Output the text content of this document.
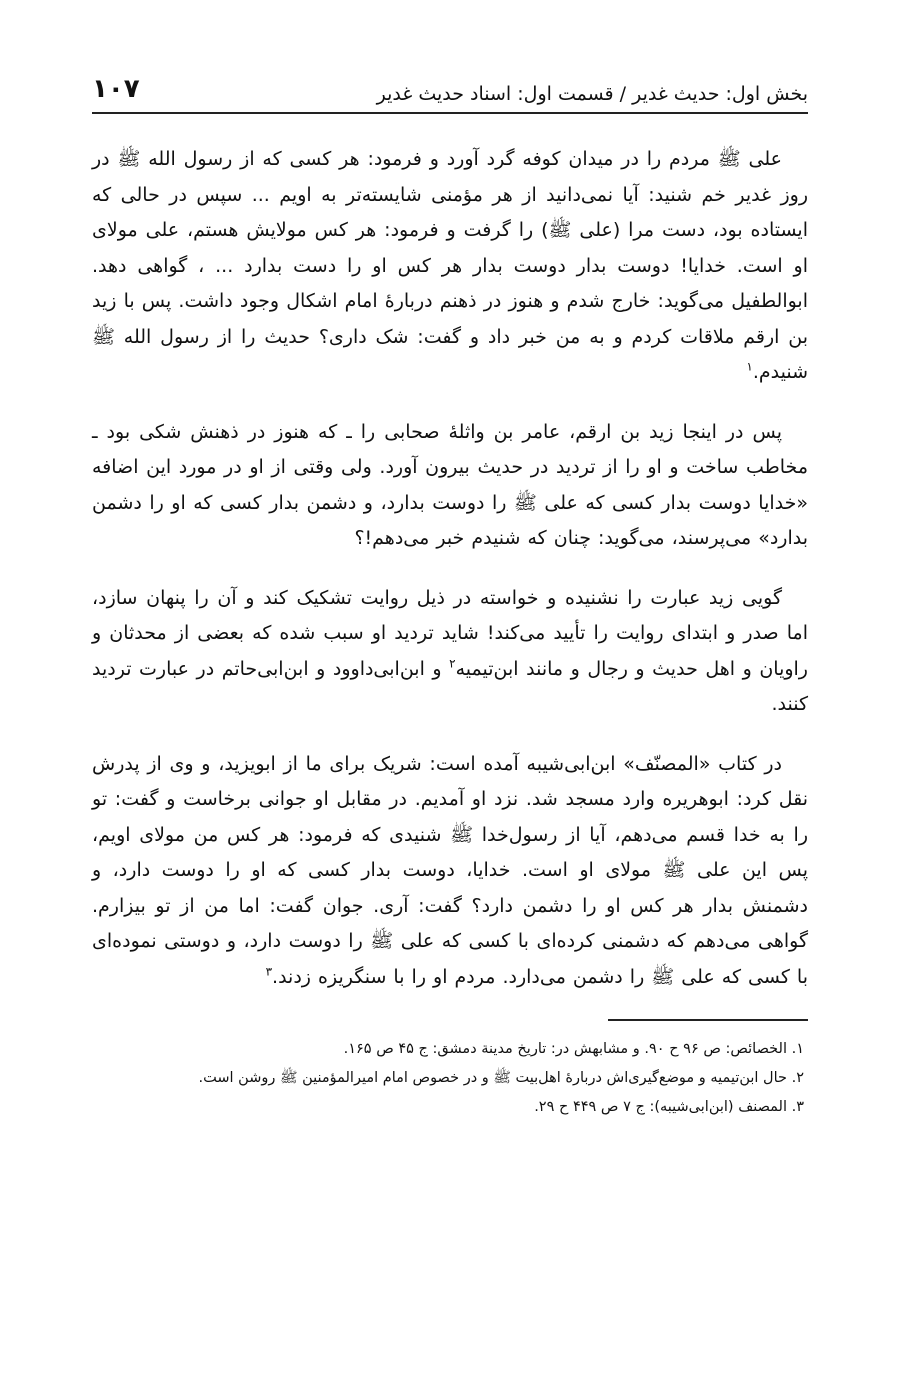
بخش اول: حدیث غدیر / قسمت اول: اسناد حدیث غدیر
۱۰۷

علی ﷺ مردم را در میدان کوفه گرد آورد و فرمود: هر کسی که از رسول الله ﷺ در روز غدیر خم شنید: آیا نمی‌دانید از هر مؤمنی شایسته‌تر به اویم ... سپس در حالی که ایستاده بود، دست مرا (علی ﷺ) را گرفت و فرمود: هر کس مولایش هستم، علی مولای او است. خدایا! دوست بدار دوست بدار هر کس او را دست بدارد ... ، گواهی دهد. ابوالطفیل می‌گوید: خارج شدم و هنوز در ذهنم دربارهٔ امام اشکال وجود داشت. پس با زید بن ارقم ملاقات کردم و به من خبر داد و گفت: شک داری؟ حدیث را از رسول الله ﷺ شنیدم.$^۱$

پس در اینجا زید بن ارقم، عامر بن واثلهٔ صحابی را ـ که هنوز در ذهنش شکی بود ـ مخاطب ساخت و او را از تردید در حدیث بیرون آورد. ولی وقتی از او در مورد این اضافه «خدایا دوست بدار کسی که علی ﷺ را دوست بدارد، و دشمن بدار کسی که او را دشمن بدارد» می‌پرسند، می‌گوید: چنان که شنیدم خبر می‌دهم!؟

گویی زید عبارت را نشنیده و خواسته در ذیل روایت تشکیک کند و آن را پنهان سازد، اما صدر و ابتدای روایت را تأیید می‌کند! شاید تردید او سبب شده که بعضی از محدثان و راویان و اهل حدیث و رجال و مانند ابن‌تیمیه$^۲$ و ابن‌ابی‌داوود و ابن‌ابی‌حاتم در عبارت تردید کنند.

در کتاب «المصنّف» ابن‌ابی‌شیبه آمده است: شریک برای ما از ابویزید، و وی از پدرش نقل کرد: ابوهریره وارد مسجد شد. نزد او آمدیم. در مقابل او جوانی برخاست و گفت: تو را به خدا قسم می‌دهم، آیا از رسول‌خدا ﷺ شنیدی که فرمود: هر کس من مولای اویم، پس این علی ﷺ مولای او است. خدایا، دوست بدار کسی که او را دوست دارد، و دشمنش بدار هر کس او را دشمن دارد؟ گفت: آری. جوان گفت: اما من از تو بیزارم. گواهی می‌دهم که دشمنی کرده‌ای با کسی که علی ﷺ را دوست دارد، و دوستی نموده‌ای با کسی که علی ﷺ را دشمن می‌دارد. مردم او را با سنگریزه زدند.$^۳$

۱. الخصائص: ص ۹۶ ح ۹۰. و مشابهش در: تاریخ مدینة دمشق: ج ۴۵ ص ۱۶۵.

۲. حال ابن‌تیمیه و موضع‌گیری‌اش دربارهٔ اهل‌بیت ﷺ و در خصوص امام امیرالمؤمنین ﷺ روشن است.

۳. المصنف (ابن‌ابی‌شیبه): ج ۷ ص ۴۴۹ ح ۲۹.
